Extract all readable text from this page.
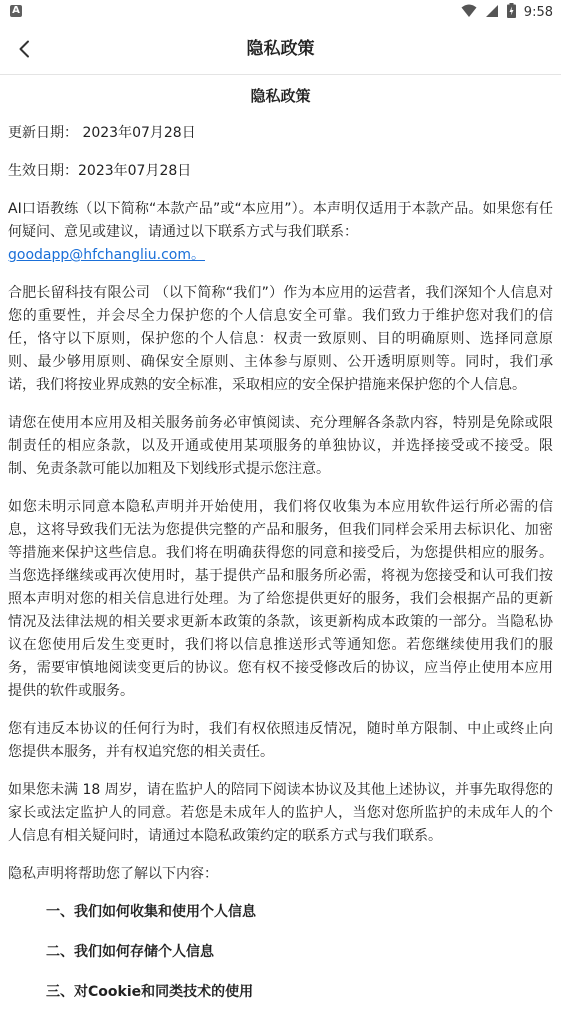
A	9:58
隐私政策
隐私政策

更新日期： 2023年07月28日

生效日期：2023年07月28日

AI口语教练（以下简称“本款产品”或“本应用”）。本声明仅适用于本款产品。如果您有任何疑问、意见或建议，请通过以下联系方式与我们联系：
goodapp@hfchangliu.com。

合肥长留科技有限公司 （以下简称“我们”）作为本应用的运营者，我们深知个人信息对您的重要性，并会尽全力保护您的个人信息安全可靠。我们致力于维护您对我们的信任，恪守以下原则，保护您的个人信息：权责一致原则、目的明确原则、选择同意原则、最少够用原则、确保安全原则、主体参与原则、公开透明原则等。同时，我们承诺，我们将按业界成熟的安全标准，采取相应的安全保护措施来保护您的个人信息。

请您在使用本应用及相关服务前务必审慎阅读、充分理解各条款内容，特别是免除或限制责任的相应条款，以及开通或使用某项服务的单独协议，并选择接受或不接受。限制、免责条款可能以加粗及下划线形式提示您注意。

如您未明示同意本隐私声明并开始使用，我们将仅收集为本应用软件运行所必需的信息，这将导致我们无法为您提供完整的产品和服务，但我们同样会采用去标识化、加密等措施来保护这些信息。我们将在明确获得您的同意和接受后，为您提供相应的服务。当您选择继续或再次使用时，基于提供产品和服务所必需，将视为您接受和认可我们按照本声明对您的相关信息进行处理。为了给您提供更好的服务，我们会根据产品的更新情况及法律法规的相关要求更新本政策的条款，该更新构成本政策的一部分。当隐私协议在您使用后发生变更时，我们将以信息推送形式等通知您。若您继续使用我们的服务，需要审慎地阅读变更后的协议。您有权不接受修改后的协议，应当停止使用本应用提供的软件或服务。

您有违反本协议的任何行为时，我们有权依照违反情况，随时单方限制、中止或终止向您提供本服务，并有权追究您的相关责任。

如果您未满 18 周岁，请在监护人的陪同下阅读本协议及其他上述协议，并事先取得您的家长或法定监护人的同意。若您是未成年人的监护人，当您对您所监护的未成年人的个人信息有相关疑问时，请通过本隐私政策约定的联系方式与我们联系。

隐私声明将帮助您了解以下内容：

一、我们如何收集和使用个人信息
二、我们如何存储个人信息
三、对Cookie和同类技术的使用
